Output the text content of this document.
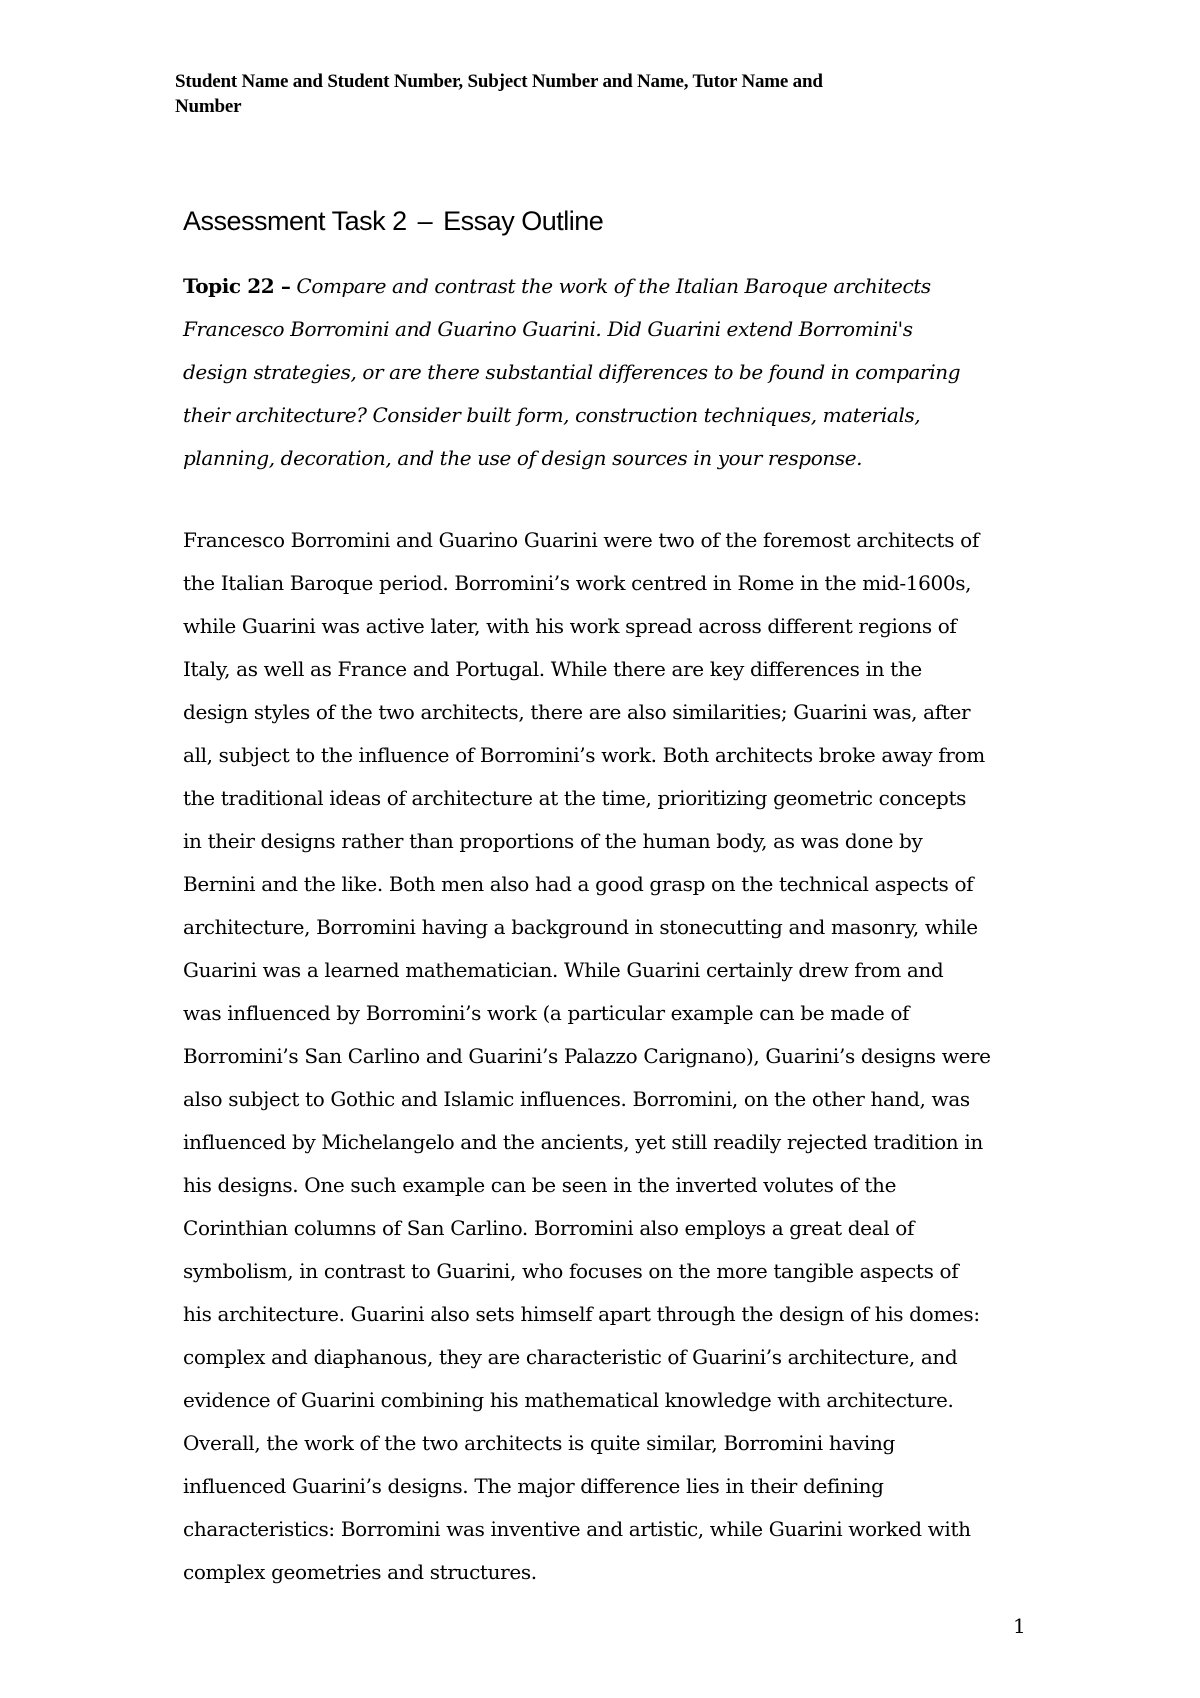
Student Name and Student Number, Subject Number and Name, Tutor Name and
Number
Assessment Task 2 – Essay Outline
Topic 22 – Compare and contrast the work of the Italian Baroque architects
Francesco Borromini and Guarino Guarini. Did Guarini extend Borromini's
design strategies, or are there substantial differences to be found in comparing
their architecture? Consider built form, construction techniques, materials,
planning, decoration, and the use of design sources in your response.
Francesco Borromini and Guarino Guarini were two of the foremost architects of
the Italian Baroque period. Borromini’s work centred in Rome in the mid-1600s,
while Guarini was active later, with his work spread across different regions of
Italy, as well as France and Portugal. While there are key differences in the
design styles of the two architects, there are also similarities; Guarini was, after
all, subject to the influence of Borromini’s work. Both architects broke away from
the traditional ideas of architecture at the time, prioritizing geometric concepts
in their designs rather than proportions of the human body, as was done by
Bernini and the like. Both men also had a good grasp on the technical aspects of
architecture, Borromini having a background in stonecutting and masonry, while
Guarini was a learned mathematician. While Guarini certainly drew from and
was influenced by Borromini’s work (a particular example can be made of
Borromini’s San Carlino and Guarini’s Palazzo Carignano), Guarini’s designs were
also subject to Gothic and Islamic influences. Borromini, on the other hand, was
influenced by Michelangelo and the ancients, yet still readily rejected tradition in
his designs. One such example can be seen in the inverted volutes of the
Corinthian columns of San Carlino. Borromini also employs a great deal of
symbolism, in contrast to Guarini, who focuses on the more tangible aspects of
his architecture. Guarini also sets himself apart through the design of his domes:
complex and diaphanous, they are characteristic of Guarini’s architecture, and
evidence of Guarini combining his mathematical knowledge with architecture.
Overall, the work of the two architects is quite similar, Borromini having
influenced Guarini’s designs. The major difference lies in their defining
characteristics: Borromini was inventive and artistic, while Guarini worked with
complex geometries and structures.
1
